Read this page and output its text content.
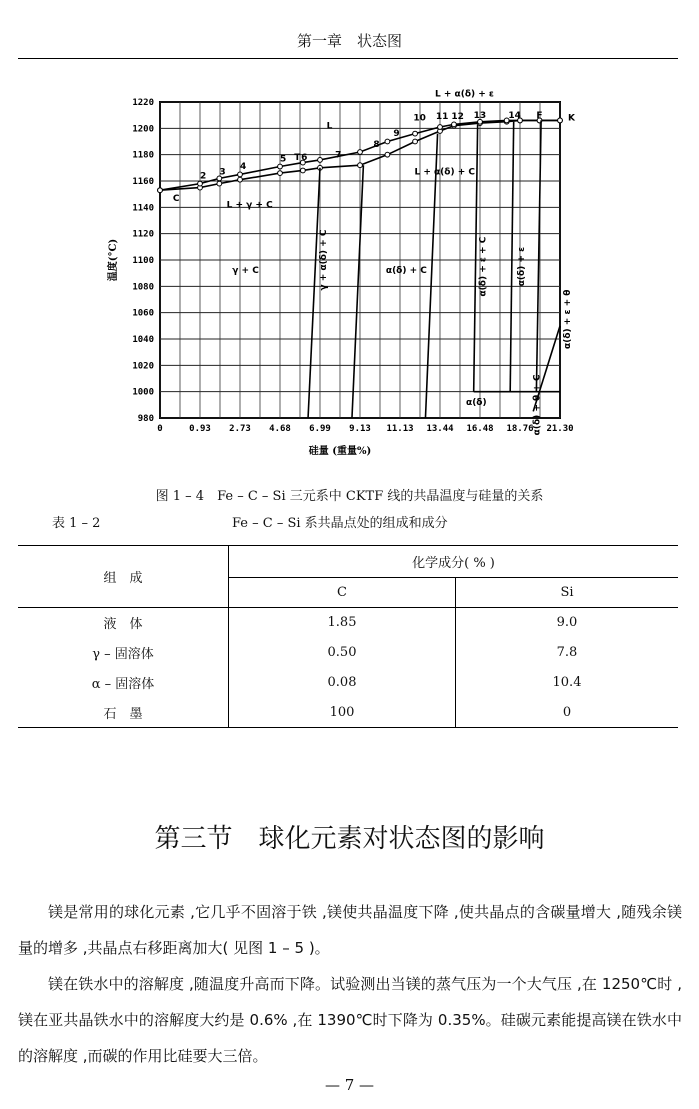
第一章　状态图
980
1000
1020
1040
1060
1080
1100
1120
1140
1160
1180
1200
1220
0	0.93 2.73 4.68 6.99 9.13 11.13 13.44 16.48 18.76 21.30
硅量 (重量%)
温度(°C)
C
2 3
4
5 6	7
8
9
10 11 12 13 14 F	K
T
L + α(δ) + ε
L
L + γ + C
L + α(δ) + C
γ + C	α(δ) + C
γ + α(δ) + C	α(δ) + ε + C	α(δ) + ε
α(δ) + ε + θ
α(δ) + θ + C
α(δ)
图 1 – 4　Fe – C – Si 三元系中 CKTF 线的共晶温度与硅量的关系
表 1 – 2	Fe – C – Si 系共晶点处的组成和成分
组　成	化学成分( % )	
	C	Si
液　体	1.85	9.0
γ – 固溶体	0.50	7.8
α – 固溶体	0.08	10.4
石　墨	100	0
第三节　球化元素对状态图的影响
镁是常用的球化元素 ,它几乎不固溶于铁 ,镁使共晶温度下降 ,使共晶点的含碳量增大 ,随残余镁量的增多 ,共晶点右移距离加大( 见图 1 – 5 )。
镁在铁水中的溶解度 ,随温度升高而下降。试验测出当镁的蒸气压为一个大气压 ,在 1250℃时 ,镁在亚共晶铁水中的溶解度大约是 0.6% ,在 1390℃时下降为 0.35%。硅碳元素能提高镁在铁水中的溶解度 ,而碳的作用比硅要大三倍。
— 7 —
